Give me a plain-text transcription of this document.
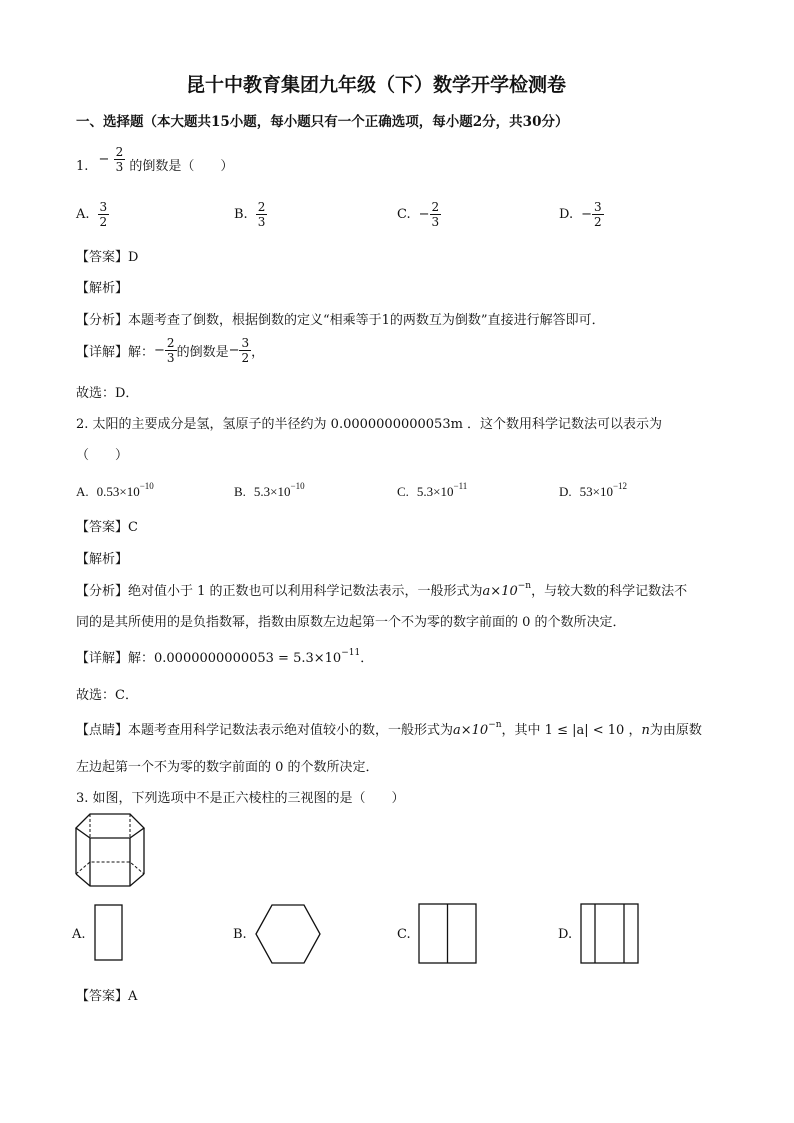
昆十中教育集团九年级（下）数学开学检测卷
一、选择题（本大题共15小题，每小题只有一个正确选项，每小题2分，共30分）
1. − $\frac{2}{3}$ 的倒数是（　　）
A. $\frac{3}{2}$	B. $\frac{2}{3}$	C. − $\frac{2}{3}$	D. − $\frac{3}{2}$
【答案】D
【解析】
【分析】本题考查了倒数，根据倒数的定义“相乘等于1的两数互为倒数”直接进行解答即可．
【详解】解： − $\frac{2}{3}$ 的倒数是 − $\frac{3}{2}$ ，
故选：D．
2. 太阳的主要成分是氢，氢原子的半径约为 0.0000000000053m ．这个数用科学记数法可以表示为
（　　）
A. $0.53\times 10^{-10}$	B. $5.3\times 10^{-10}$	C. $5.3\times 10^{-11}$	D. $53\times 10^{-12}$
【答案】C
【解析】
【分析】绝对值小于 1 的正数也可以利用科学记数法表示，一般形式为$a\times 10^{-n}$，与较大数的科学记数法不
同的是其所使用的是负指数幂，指数由原数左边起第一个不为零的数字前面的 0 的个数所决定．
【详解】解：$0.0000000000053 = 5.3\times 10^{-11}$．
故选：C．
【点睛】本题考查用科学记数法表示绝对值较小的数，一般形式为$a\times 10^{-n}$，其中 1 ≤ |a| < 10 ，n为由原数
左边起第一个不为零的数字前面的 0 的个数所决定．
3. 如图，下列选项中不是正六棱柱的三视图的是（　　）
A.	B.	C.	D.
【答案】A
